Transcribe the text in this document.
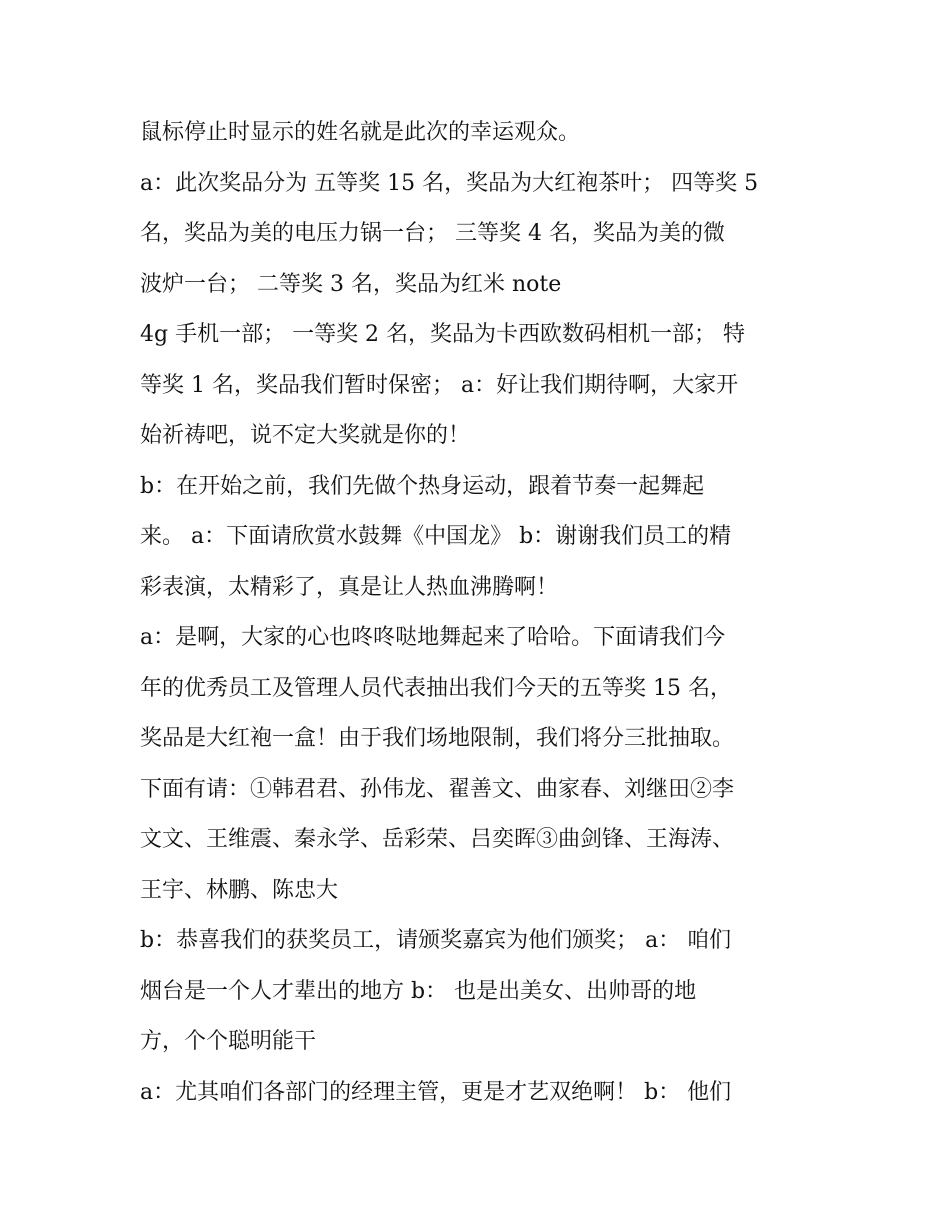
鼠标停止时显示的姓名就是此次的幸运观众。
a：此次奖品分为 五等奖 15 名，奖品为大红袍茶叶； 四等奖 5
名，奖品为美的电压力锅一台； 三等奖 4 名，奖品为美的微
波炉一台； 二等奖 3 名，奖品为红米 note
4g 手机一部； 一等奖 2 名，奖品为卡西欧数码相机一部； 特
等奖 1 名，奖品我们暂时保密； a：好让我们期待啊，大家开
始祈祷吧，说不定大奖就是你的！
b：在开始之前，我们先做个热身运动，跟着节奏一起舞起
来。 a：下面请欣赏水鼓舞《中国龙》 b：谢谢我们员工的精
彩表演，太精彩了，真是让人热血沸腾啊！
a：是啊，大家的心也咚咚哒地舞起来了哈哈。下面请我们今
年的优秀员工及管理人员代表抽出我们今天的五等奖 15 名，
奖品是大红袍一盒！由于我们场地限制，我们将分三批抽取。
下面有请：①韩君君、孙伟龙、翟善文、曲家春、刘继田②李
文文、王维震、秦永学、岳彩荣、吕奕晖③曲剑锋、王海涛、
王宇、林鹏、陈忠大
b：恭喜我们的获奖员工，请颁奖嘉宾为他们颁奖； a： 咱们
烟台是一个人才辈出的地方 b： 也是出美女、出帅哥的地
方，个个聪明能干
a：尤其咱们各部门的经理主管，更是才艺双绝啊！ b： 他们
